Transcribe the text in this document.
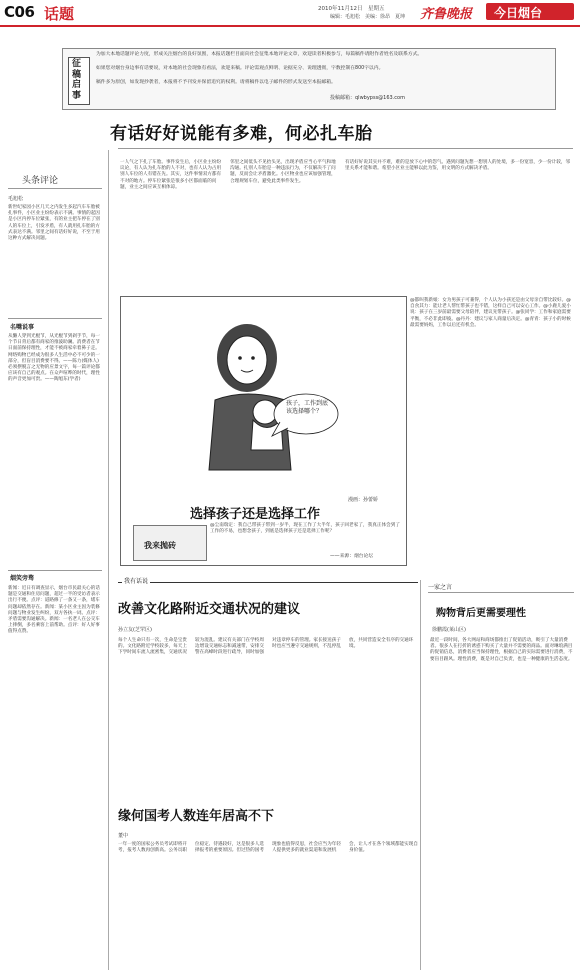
C06 话题	2010年11月12日　星期五
编辑：毛旭松　美编：徐昂　夏坤 齐鲁晚报 今日烟台
征稿启事
为加大本地话题评论力度，形成关注烟台的良好氛围，本报话题栏目面向社会征集本地评论文章，欢迎读者积极参与，每篇稿件请附作者姓名及联系方式。
如果您对烟台身边事有话要说，对本地的社会现象有看法，欢迎来稿。评论需观点鲜明、论据充分、说理透彻，字数控制在800字以内。
稿件多为原创，如发现抄袭者，本报将不予刊发并保留追究的权利。请将稿件以电子邮件的形式发送至本报邮箱。
投稿邮箱：qlwbypss@163.com
有话好好说能有多难，何必扎车胎
头条评论
毛旭松
新世纪家园小区几天之内发生多起汽车车胎被扎事件，小区业主纷纷表示不满。事情的起因是小区内停车位紧张，有的业主把车停在了别人的车位上，引发矛盾，有人就用扎车胎的方式表达不满。邻里之间有话好好说，不至于用这种方式解决问题。
名嘴说事
从懒人穿到光棍节，从光棍节到剁手节，每一个节日背后都有商家的推波助澜。消费者在节日面前保持理性，才能不被商家牵着鼻子走。网络购物已经成为很多人生活中必不可少的一部分，但盲目消费要不得。——陈力(媒体人)　必须摆脱言之无物的应景文字，每一篇评论都应该有自己的观点。在众声喧哗的时代，理性的声音更加可贵。——陶旭东(学者)
烟笑旁骛
新闻：近日有调查显示，烟台市民最关心的话题是交通和住房问题，超过一半的受访者表示出行不便。点评：道路修了一条又一条，堵车问题却依然存在。新闻：某小区业主因为装修问题与物业发生纠纷，双方各执一词。点评：矛盾需要沟通解决。新闻：一名老人在公交车上摔倒，多名乘客上前帮助。点评：好人好事值得点赞。
一人气之下扎了车胎。事件发生后，小区业主纷纷议论，有人认为扎车胎的人不对，也有人认为占用别人车位的人有错在先。其实，这件事情双方都有不对的地方。停车位紧张是很多小区都面临的问题，业主之间应该互相体谅。
邻里之间低头不见抬头见，出现矛盾应当心平气和地沟通。扎别人车胎是一种违法行为，不仅解决不了问题，反而会让矛盾激化。小区物业也应该加强管理，合理规划车位，避免此类事件发生。
有话好好说其实并不难，难的是放下心中的怨气。遇到问题先想一想别人的处境，多一份宽容，少一份计较，邻里关系才能和谐。希望小区业主能够以此为鉴，用文明的方式解决矛盾。
孩子，工作到底该选择哪个？
漫画：孙蕾娇
选择孩子还是选择工作
我来抛砖
@尘南瑞定：我自己带孩子带到一岁半，现在工作了大半年，孩子回老家了，我真正体会到了工作的不易，也想念孩子，到底是选择孩子还是选择工作呢？
——来源：烟台论坛
@都叫我新娘：女为男孩子可兼得，个人认为小孩还是由父母亲自带比较好。@自食其力：能让老人帮忙带孩子也不错，这样自己可以安心工作。@小鹿儿爱小说：孩子在三岁前最需要父母陪伴，建议先带孩子。@张同学：工作和家庭需要平衡，不必非此即彼。@丹丹：建议与家人商量后决定。@青青：孩子小的时候最需要妈妈，工作以后还有机会。
我有话说
改善文化路附近交通状况的建议
孙立友(芝罘区)
每个人生命只有一次，生命是宝贵的。文化路附近学校较多，每天上下学时间车流人流密集，交通状况较为混乱。建议有关部门在学校周边增设交通标志和减速带，安排交警在高峰时段进行疏导，同时加强对违章停车的管理。家长接送孩子时也应当遵守交通规则，不乱停乱放，共同营造安全有序的交通环境。
缘何国考人数连年居高不下
董中
一年一度的国家公务员考试即将开考，报考人数再创新高。公务员职位稳定、待遇较好，这是很多人选择报考的重要原因。但过热的国考现象也值得反思，社会应当为年轻人提供更多的就业渠道和发展机会，让人才在各个领域都能实现自身价值。
一家之言
购物背后更需要理性
徐鹏霞(莱山区)
最近一段时间，各大网站和商场都推出了促销活动，吸引了大量消费者。很多人在打折的诱惑下购买了大量并不需要的商品。面对琳琅满目的促销信息，消费者应当保持理性，根据自己的实际需要进行消费，不要盲目跟风。理性消费，既是对自己负责，也是一种健康的生活态度。
